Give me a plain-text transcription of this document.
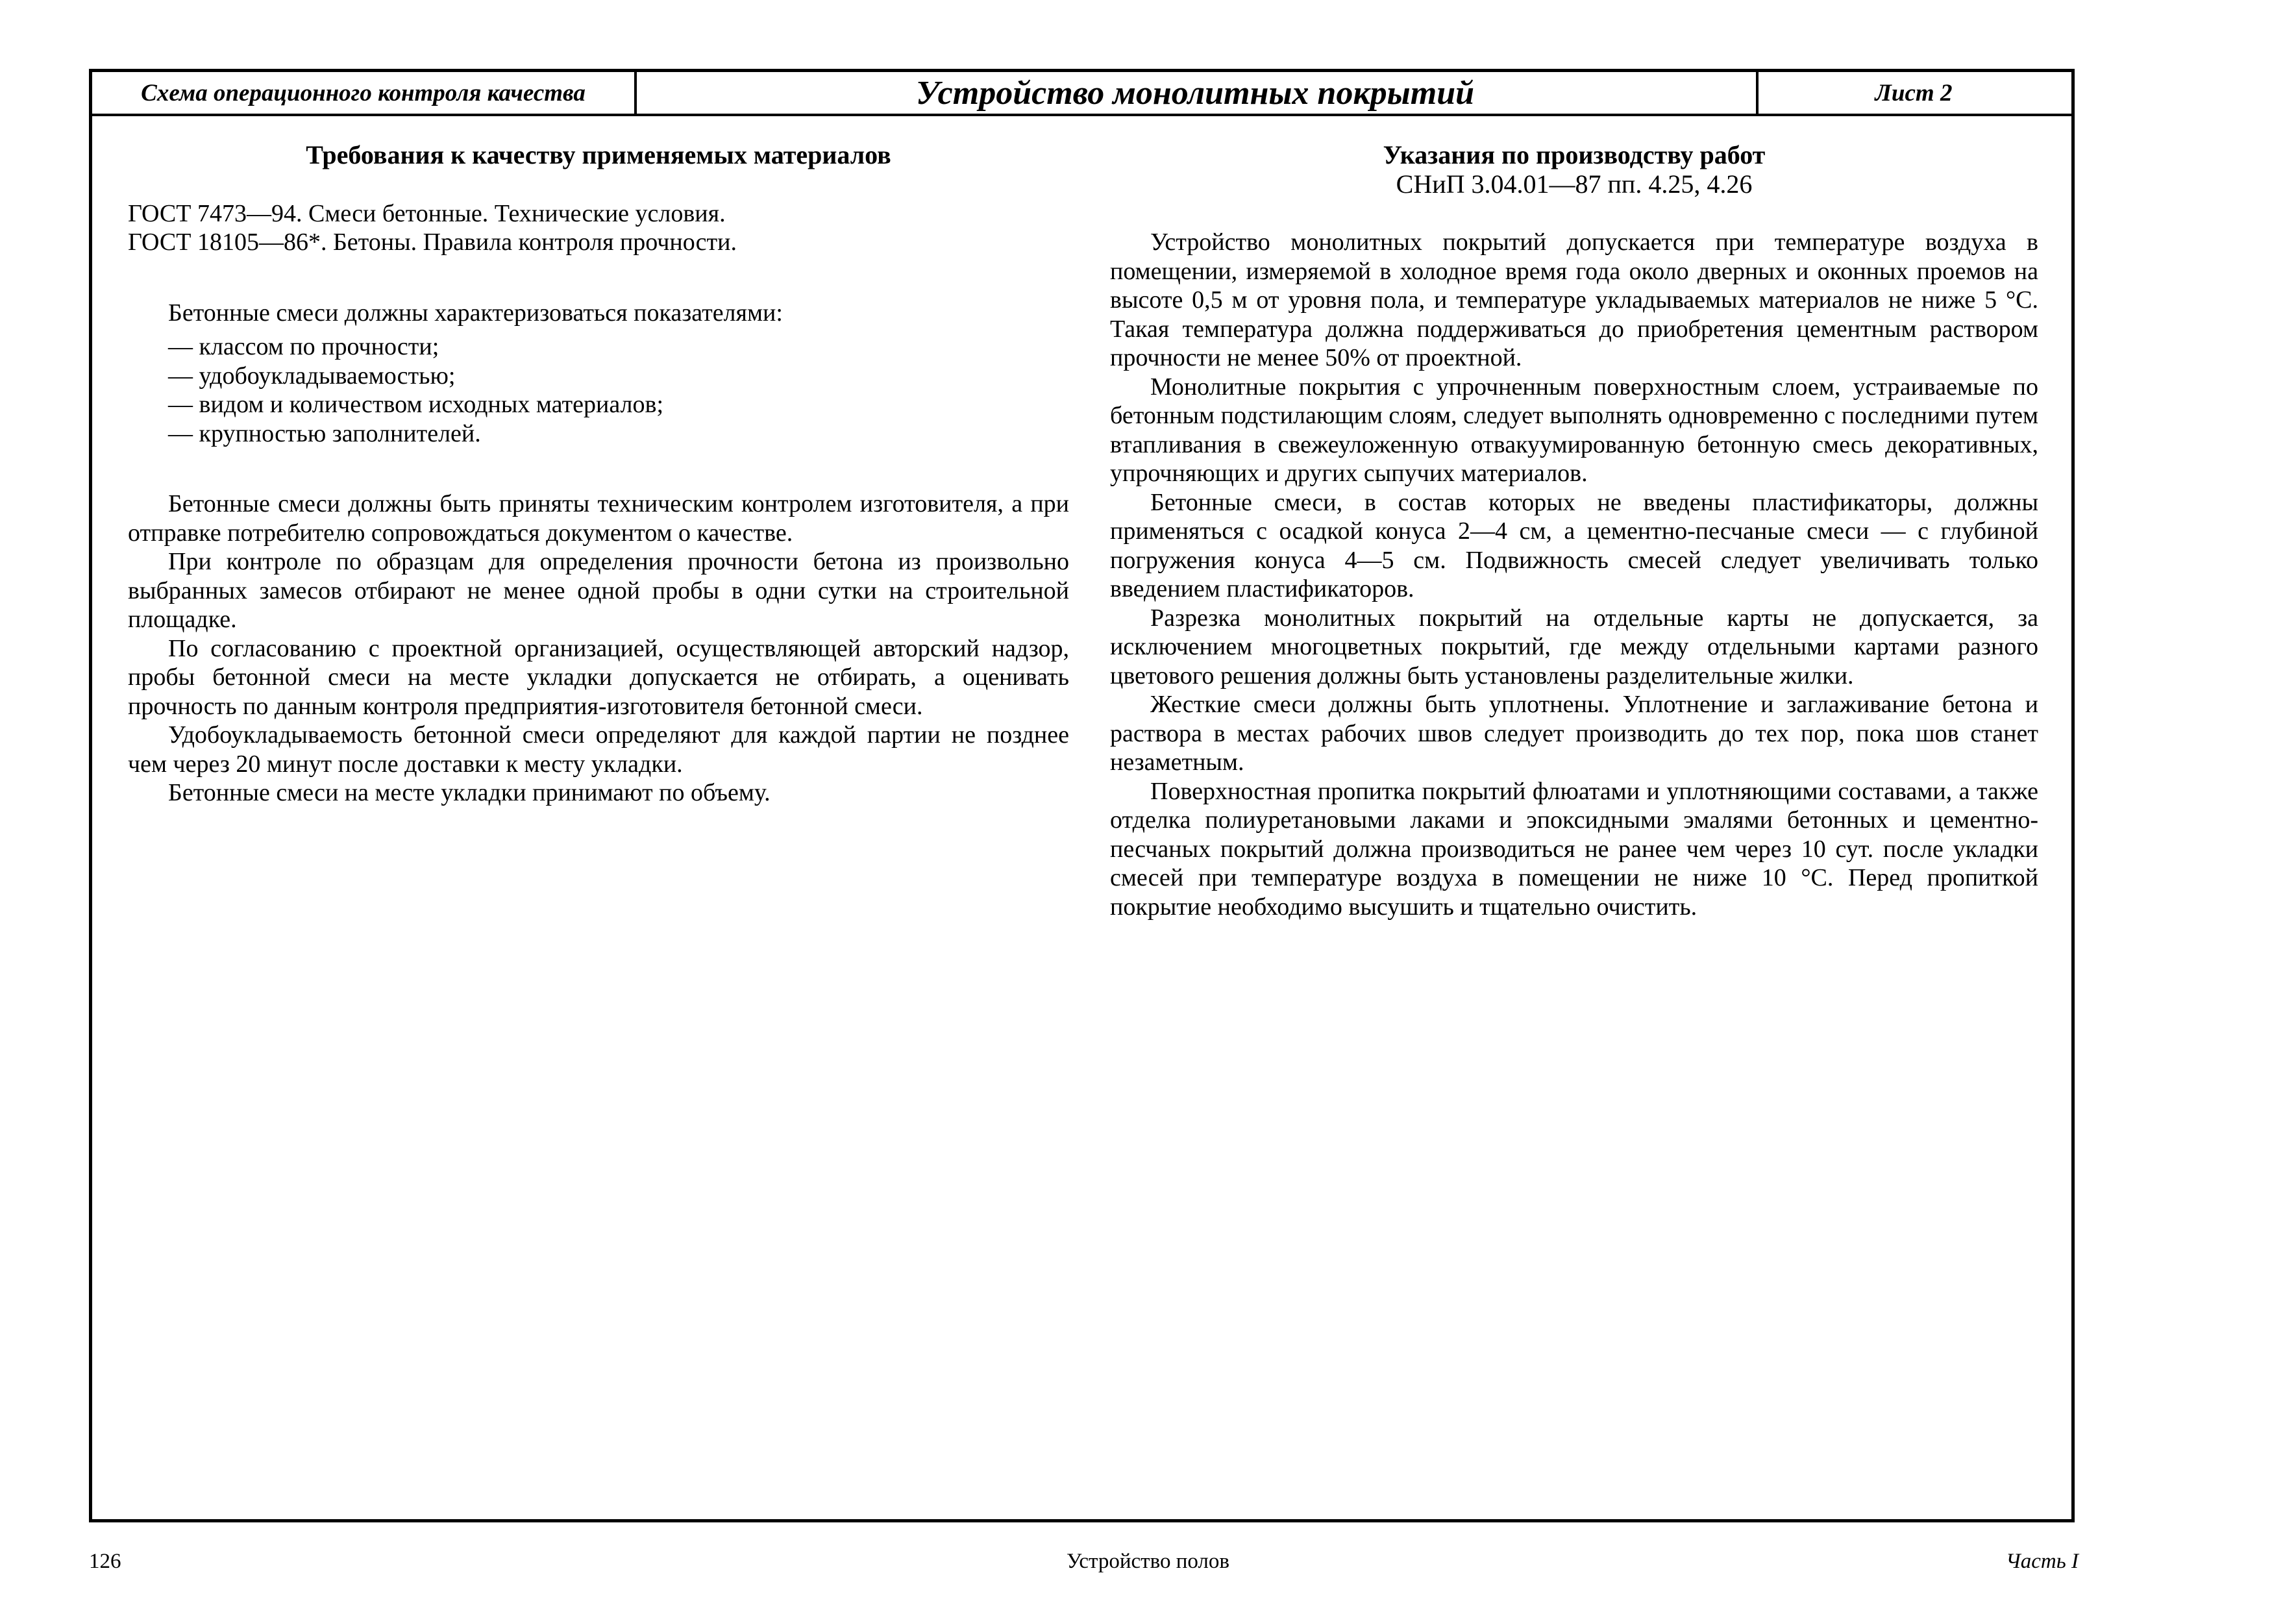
Схема операционного контроля качества	Устройство монолитных покрытий	Лист 2
Требования к качеству применяемых материалов

ГОСТ 7473—94. Смеси бетонные. Технические условия.

ГОСТ 18105—86*. Бетоны. Правила контроля прочности.

Бетонные смеси должны характеризоваться показателями:

— классом по прочности;

— удобоукладываемостью;

— видом и количеством исходных материалов;

— крупностью заполнителей.

Бетонные смеси должны быть приняты техническим контролем изготовителя, а при отправке потребителю сопровождаться документом о качестве.

При контроле по образцам для определения прочности бетона из произвольно выбранных замесов отбирают не менее одной пробы в одни сутки на строительной площадке.

По согласованию с проектной организацией, осуществляющей авторский надзор, пробы бетонной смеси на месте укладки допускается не отбирать, а оценивать прочность по данным контроля предприятия-изготовителя бетонной смеси.

Удобоукладываемость бетонной смеси определяют для каждой партии не позднее чем через 20 минут после доставки к месту укладки.

Бетонные смеси на месте укладки принимают по объему.

Указания по производству работ
СНиП 3.04.01—87 пп. 4.25, 4.26

Устройство монолитных покрытий допускается при температуре воздуха в помещении, измеряемой в холодное время года около дверных и оконных проемов на высоте 0,5 м от уровня пола, и температуре укладываемых материалов не ниже 5 °С. Такая температура должна поддерживаться до приобретения цементным раствором прочности не менее 50% от проектной.

Монолитные покрытия с упрочненным поверхностным слоем, устраиваемые по бетонным подстилающим слоям, следует выполнять одновременно с последними путем втапливания в свежеуложенную отвакуумированную бетонную смесь декоративных, упрочняющих и других сыпучих материалов.

Бетонные смеси, в состав которых не введены пластификаторы, должны применяться с осадкой конуса 2—4 см, а цементно-песчаные смеси — с глубиной погружения конуса 4—5 см. Подвижность смесей следует увеличивать только введением пластификаторов.

Разрезка монолитных покрытий на отдельные карты не допускается, за исключением многоцветных покрытий, где между отдельными картами разного цветового решения должны быть установлены разделительные жилки.

Жесткие смеси должны быть уплотнены. Уплотнение и заглаживание бетона и раствора в местах рабочих швов следует производить до тех пор, пока шов станет незаметным.

Поверхностная пропитка покрытий флюатами и уплотняющими составами, а также отделка полиуретановыми лаками и эпоксидными эмалями бетонных и цементно-песчаных покрытий должна производиться не ранее чем через 10 сут. после укладки смесей при температуре воздуха в помещении не ниже 10 °С. Перед пропиткой покрытие необходимо высушить и тщательно очистить.

126	Устройство полов	Часть I
